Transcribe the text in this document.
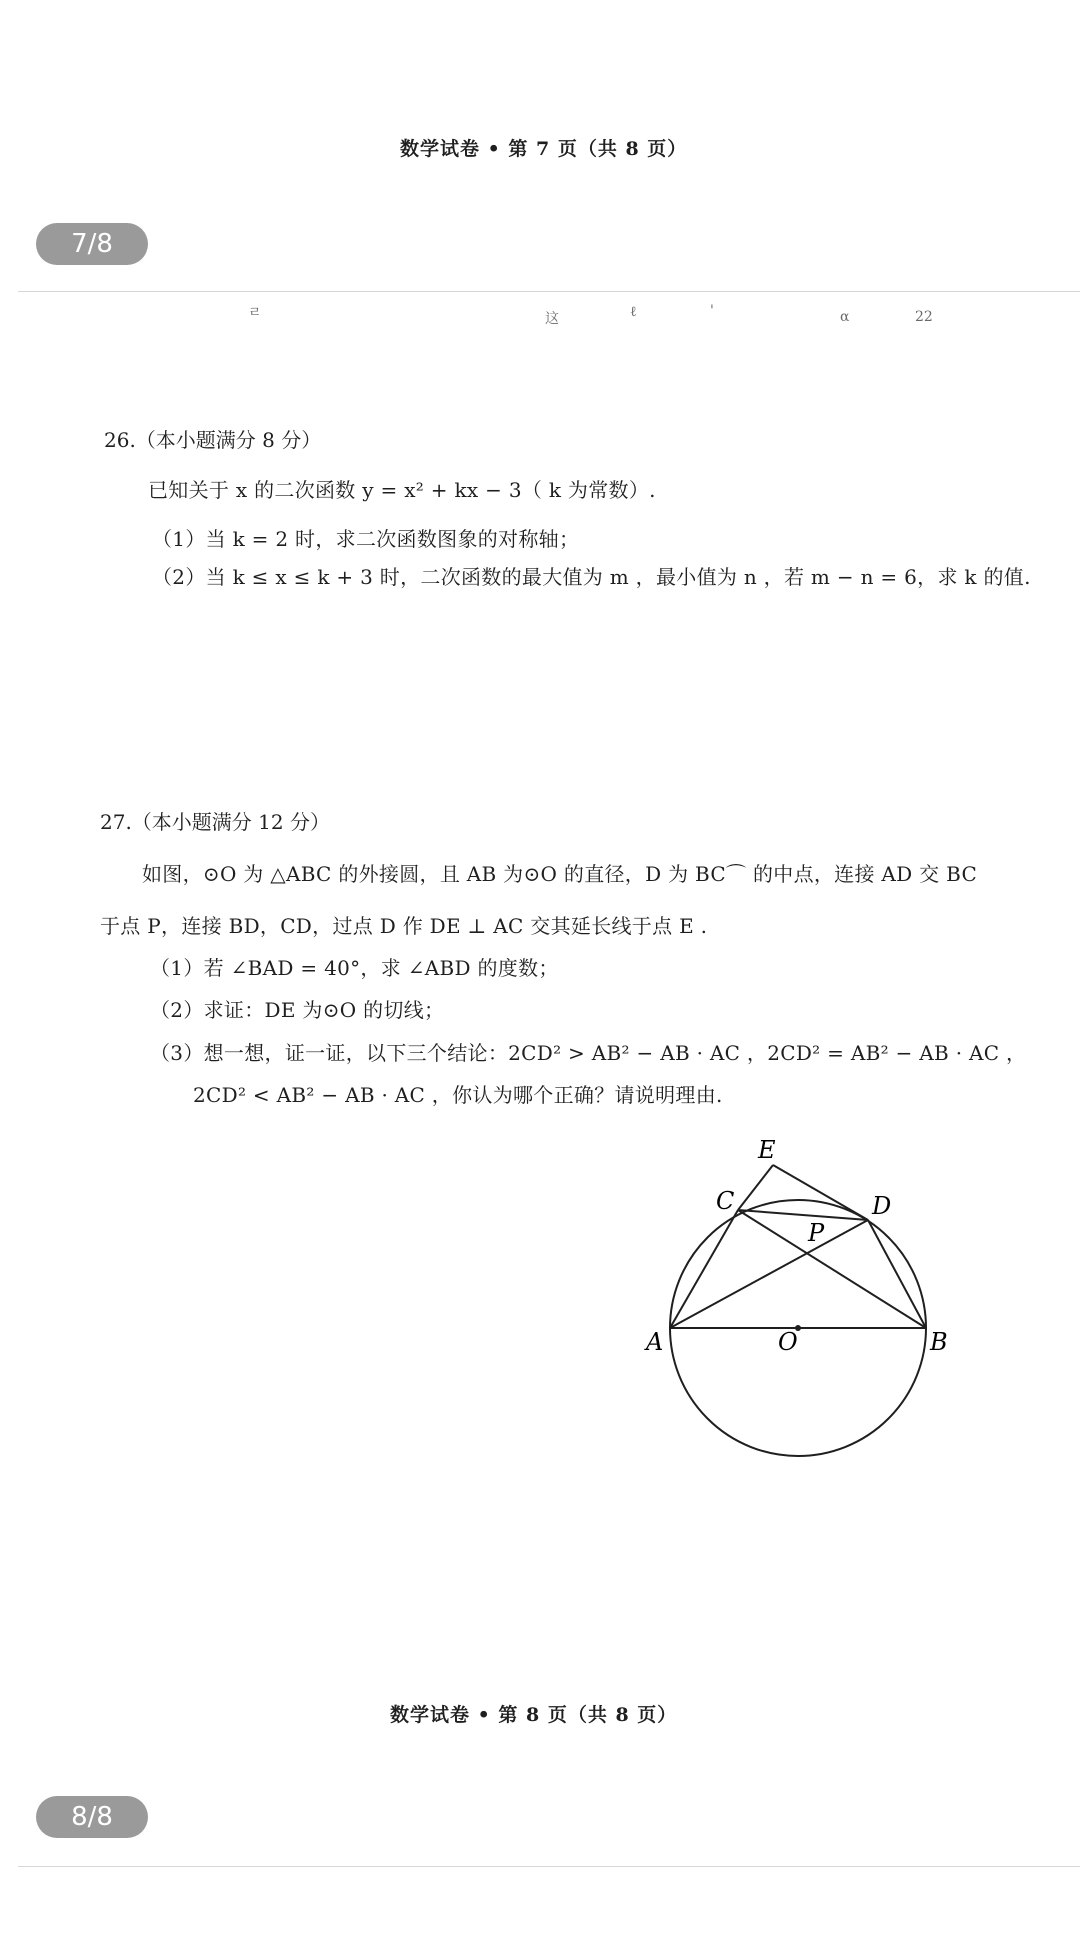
数学试卷 • 第 7 页（共 8 页）
7/8
ㄹ	这	ℓ	'	α	22
26.（本小题满分 8 分）
已知关于 x 的二次函数 y = x² + kx − 3（ k 为常数）.
（1）当 k = 2 时，求二次函数图象的对称轴；
（2）当 k ≤ x ≤ k + 3 时，二次函数的最大值为 m ，最小值为 n ，若 m − n = 6，求 k 的值.
27.（本小题满分 12 分）
如图，⊙O 为 △ABC 的外接圆，且 AB 为⊙O 的直径，D 为 BC⌒ 的中点，连接 AD 交 BC
于点 P，连接 BD，CD，过点 D 作 DE ⊥ AC 交其延长线于点 E .
（1）若 ∠BAD = 40°，求 ∠ABD 的度数；
（2）求证：DE 为⊙O 的切线；
（3）想一想，证一证，以下三个结论：2CD² > AB² − AB · AC ，2CD² = AB² − AB · AC ，
2CD² < AB² − AB · AC ，你认为哪个正确？请说明理由.
E
C	D
P
A	O	B
数学试卷 • 第 8 页（共 8 页）
8/8
